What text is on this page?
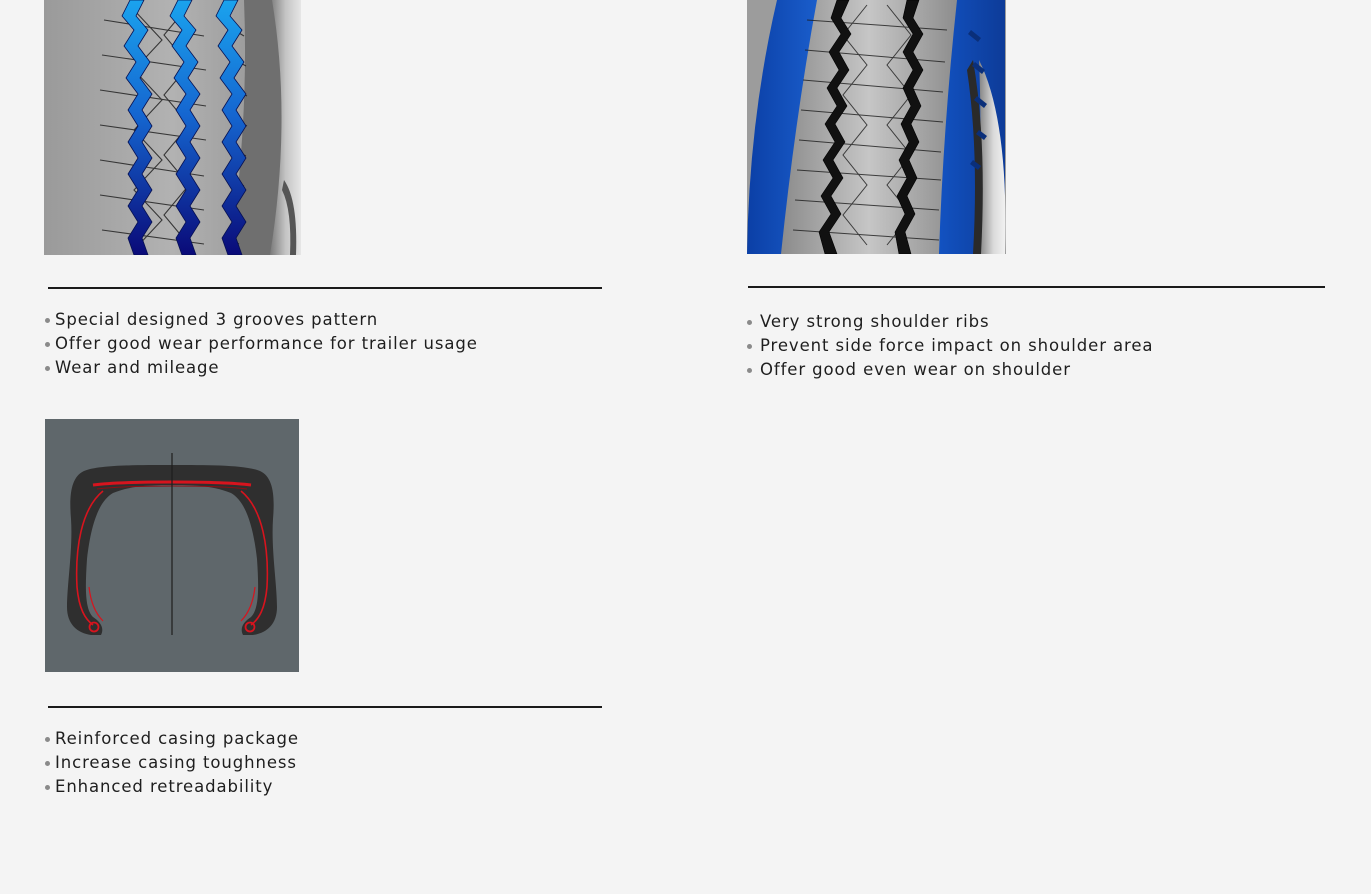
Special designed 3 grooves pattern
Offer good wear performance for trailer usage
Wear and mileage
Very strong shoulder ribs
Prevent side force impact on shoulder area
Offer good even wear on shoulder
Reinforced casing package
Increase casing toughness
Enhanced retreadability
